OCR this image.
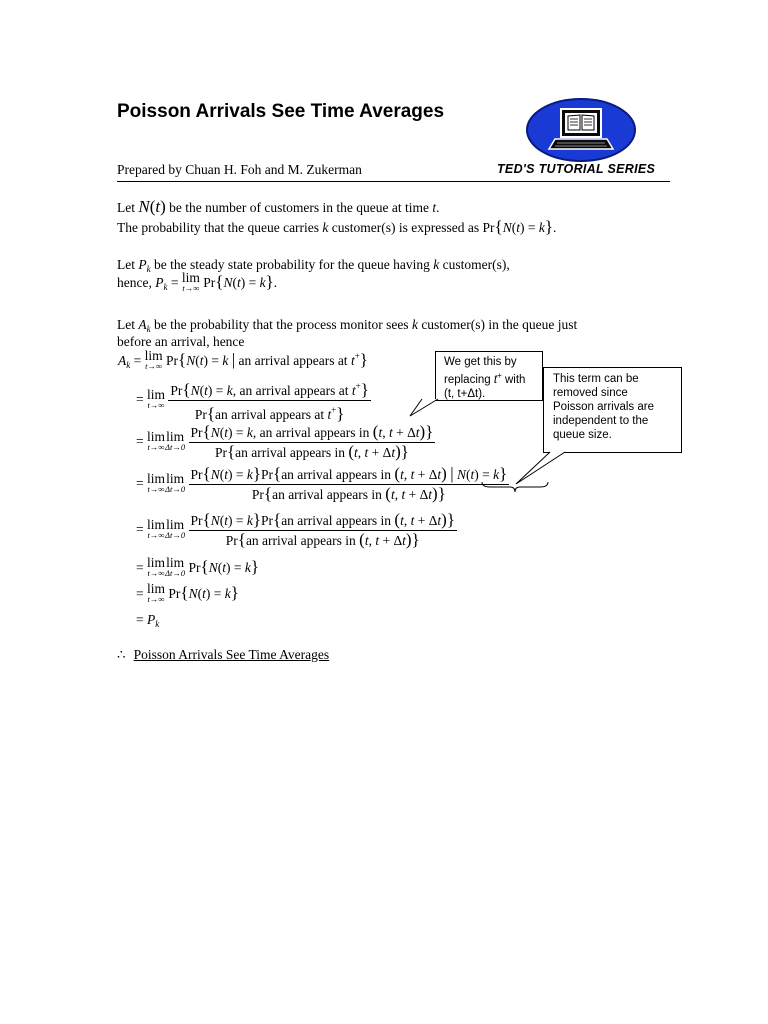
Poisson Arrivals See Time Averages
Prepared by Chuan H. Foh and M. Zukerman	TED'S TUTORIAL SERIES
Let N(t) be the number of customers in the queue at time t.
The probability that the queue carries k customer(s) is expressed as Pr{N(t) = k}.
Let $P_k$ be the steady state probability for the queue having k customer(s),
hence, $P_k = \lim$
t→∞ Pr{N(t) = k}.
Let $A_k$ be the probability that the process monitor sees k customer(s) in the queue just
before an arrival, hence
$A_k = \lim$
t→∞ Pr{N(t) = k | an arrival appears at t+}
= lim
t→∞
$\frac{Pr\{N(t) = k, an arrival appears at t^+\}}{Pr\{an arrival appears at t^+\}}$
= lim
t→∞
lim
Δt→0
$\frac{\text{Pr\{N(t) = k, an arrival appears in (t, t + Δt)\}}}{\text{Pr\{an arrival appears in (t, t + Δt)\}}}$
= lim
t→∞
lim
Δt→0
$\frac{\text{Pr\{N(t) = k\}Pr\{an arrival appears in (t, t + Δt) | N(t) = k\}}}{\text{Pr\{an arrival appears in (t, t + Δt)\}}}$
= lim
t→∞
lim
Δt→0
$\frac{\text{Pr\{N(t) = k\}Pr\{an arrival appears in (t, t + Δt)\}}}{\text{Pr\{an arrival appears in (t, t + Δt)\}}}$
= lim
t→∞
lim
Δt→0 Pr{N(t) = k}
= lim
t→∞ Pr{N(t) = k}
= $P_k$
We get this by
replacing t+ with
(t, t+Δt).
This term can be
removed since
Poisson arrivals are
independent to the
queue size.
∴ Poisson Arrivals See Time Averages
